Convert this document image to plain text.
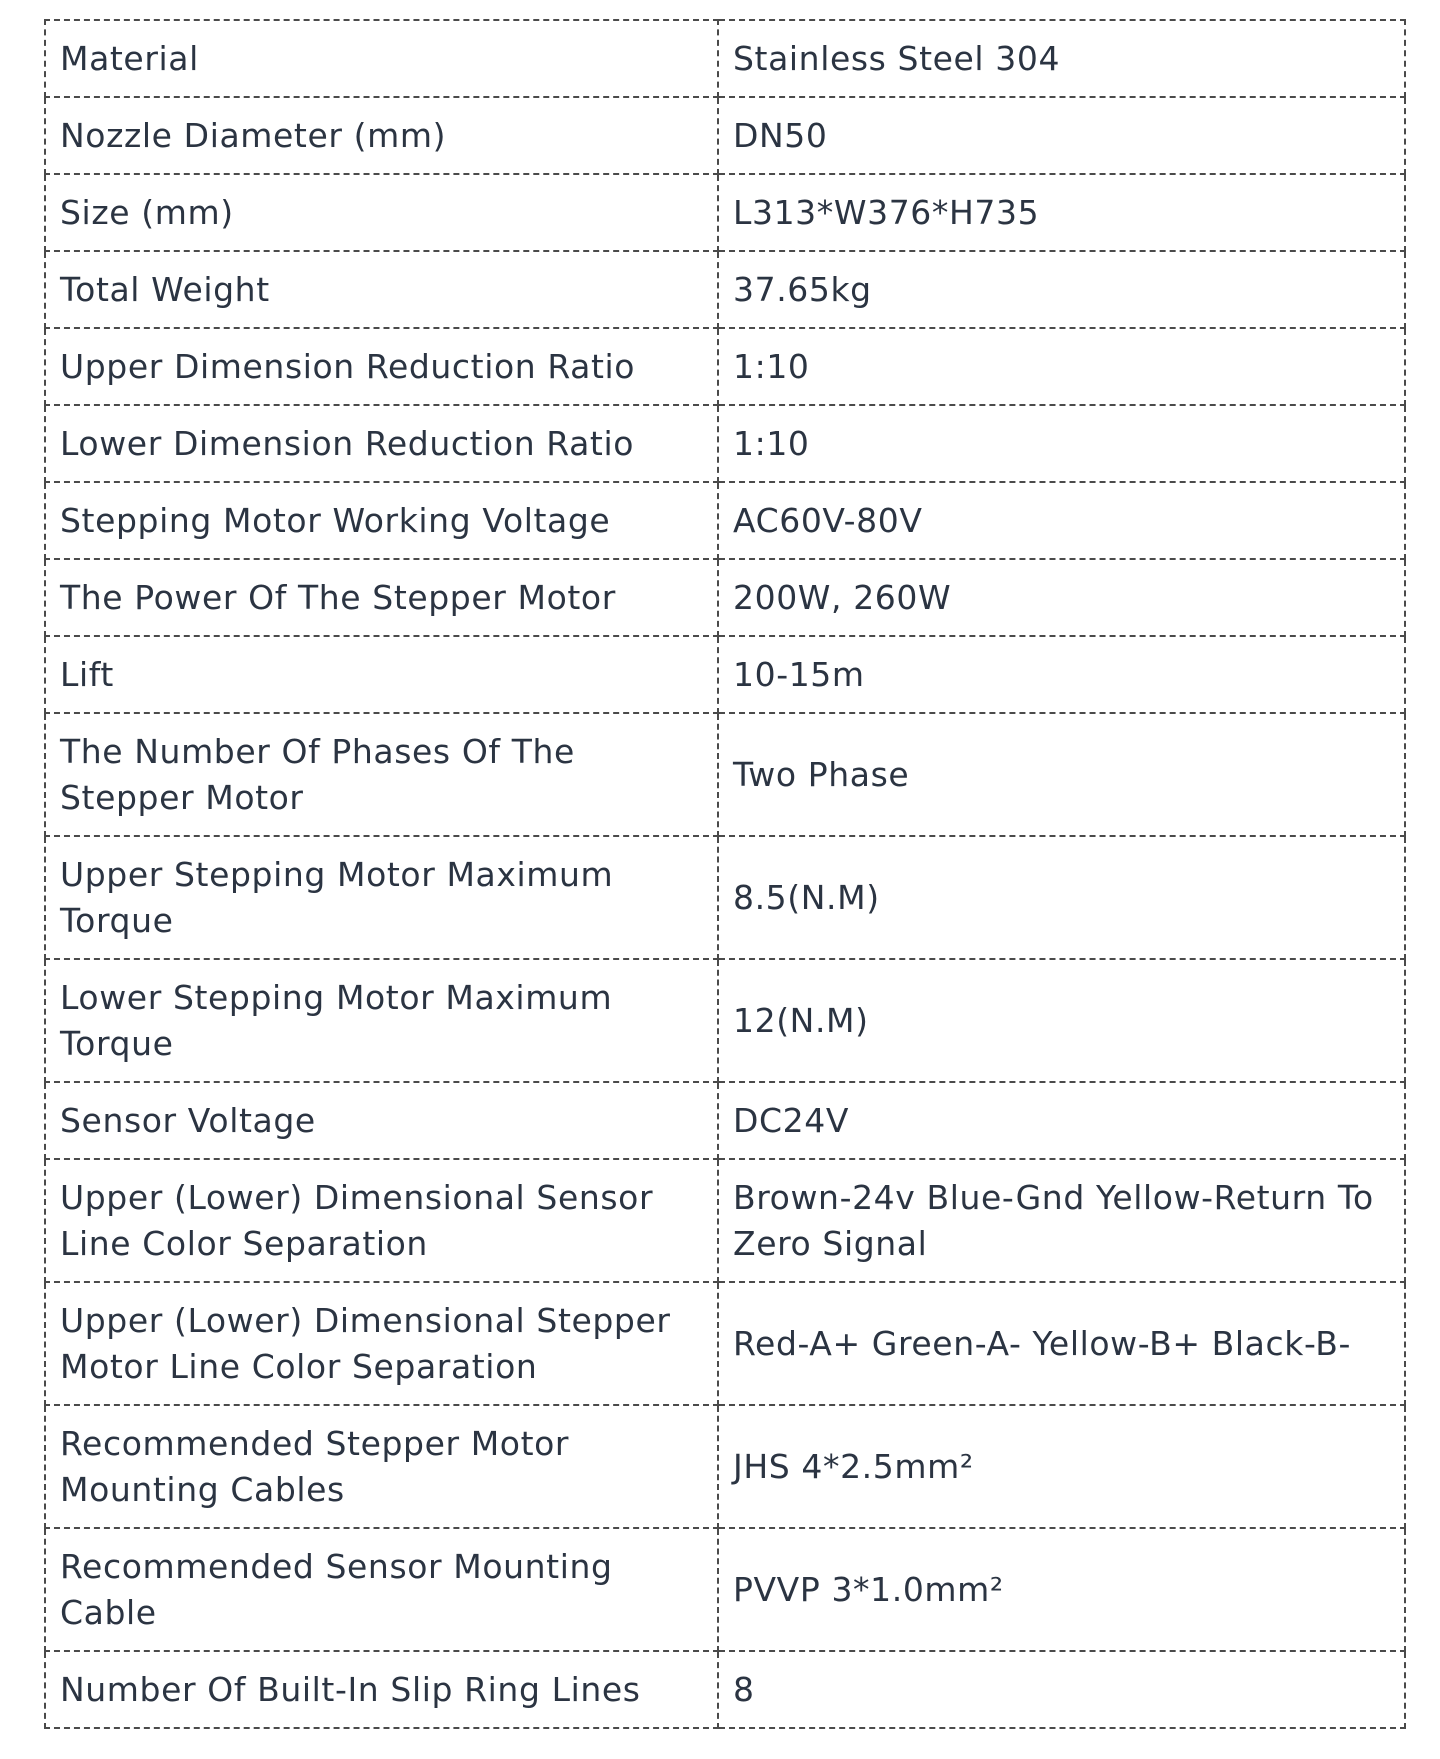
Material	Stainless Steel 304
Nozzle Diameter (mm)	DN50
Size (mm)	L313*W376*H735
Total Weight	37.65kg
Upper Dimension Reduction Ratio	1:10
Lower Dimension Reduction Ratio	1:10
Stepping Motor Working Voltage	AC60V-80V
The Power Of The Stepper Motor	200W, 260W
Lift	10-15m
The Number Of Phases Of The Stepper Motor	Two Phase
Upper Stepping Motor Maximum Torque	8.5(N.M)
Lower Stepping Motor Maximum Torque	12(N.M)
Sensor Voltage	DC24V
Upper (Lower) Dimensional Sensor Line Color Separation	Brown-24v Blue-Gnd Yellow-Return To Zero Signal
Upper (Lower) Dimensional Stepper Motor Line Color Separation	Red-A+ Green-A- Yellow-B+ Black-B-
Recommended Stepper Motor Mounting Cables	JHS 4*2.5mm²
Recommended Sensor Mounting Cable	PVVP 3*1.0mm²
Number Of Built-In Slip Ring Lines	8
